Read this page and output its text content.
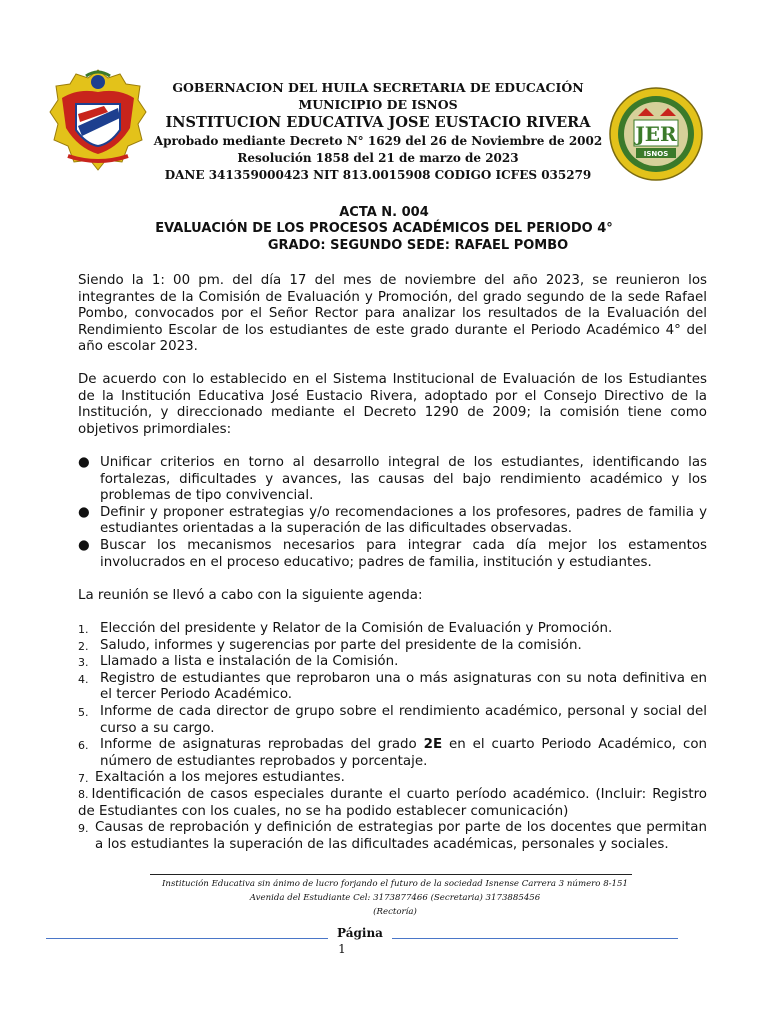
GOBERNACION DEL HUILA SECRETARIA DE EDUCACIÓN
MUNICIPIO DE ISNOS
INSTITUCION EDUCATIVA JOSE EUSTACIO RIVERA
Aprobado mediante Decreto N° 1629 del 26 de Noviembre de 2002
Resolución 1858 del 21 de marzo de 2023
DANE 341359000423 NIT 813.0015908 CODIGO ICFES 035279
JER
ISNOS
ACTA N. 004
EVALUACIÓN DE LOS PROCESOS ACADÉMICOS DEL PERIODO 4°
GRADO: SEGUNDO SEDE: RAFAEL POMBO

Siendo la 1: 00 pm. del día 17 del mes de noviembre del año 2023, se reunieron los integrantes de la Comisión de Evaluación y Promoción, del grado segundo de la sede Rafael Pombo, convocados por el Señor Rector para analizar los resultados de la Evaluación del Rendimiento Escolar de los estudiantes de este grado durante el Periodo Académico 4° del año escolar 2023.

De acuerdo con lo establecido en el Sistema Institucional de Evaluación de los Estudiantes de la Institución Educativa José Eustacio Rivera, adoptado por el Consejo Directivo de la Institución, y direccionado mediante el Decreto 1290 de 2009; la comisión tiene como objetivos primordiales:

● Unificar criterios en torno al desarrollo integral de los estudiantes, identificando las fortalezas, dificultades y avances, las causas del bajo rendimiento académico y los problemas de tipo convivencial.
● Definir y proponer estrategias y/o recomendaciones a los profesores, padres de familia y estudiantes orientadas a la superación de las dificultades observadas.
● Buscar los mecanismos necesarios para integrar cada día mejor los estamentos involucrados en el proceso educativo; padres de familia, institución y estudiantes.

La reunión se llevó a cabo con la siguiente agenda:

1. Elección del presidente y Relator de la Comisión de Evaluación y Promoción.
2. Saludo, informes y sugerencias por parte del presidente de la comisión.
3. Llamado a lista e instalación de la Comisión.
4. Registro de estudiantes que reprobaron una o más asignaturas con su nota definitiva en el tercer Periodo Académico.
5. Informe de cada director de grupo sobre el rendimiento académico, personal y social del curso a su cargo.
6. Informe de asignaturas reprobadas del grado 2E en el cuarto Periodo Académico, con número de estudiantes reprobados y porcentaje.
7. Exaltación a los mejores estudiantes.
8. Identificación de casos especiales durante el cuarto período académico. (Incluir: Registro de Estudiantes con los cuales, no se ha podido establecer comunicación)
9. Causas de reprobación y definición de estrategias por parte de los docentes que permitan a los estudiantes la superación de las dificultades académicas, personales y sociales.
Institución Educativa sin ánimo de lucro forjando el futuro de la sociedad Isnense Carrera 3 número 8-151
Avenida del Estudiante Cel: 3173877466 (Secretaria) 3173885456
(Rectoría)
Página
1
